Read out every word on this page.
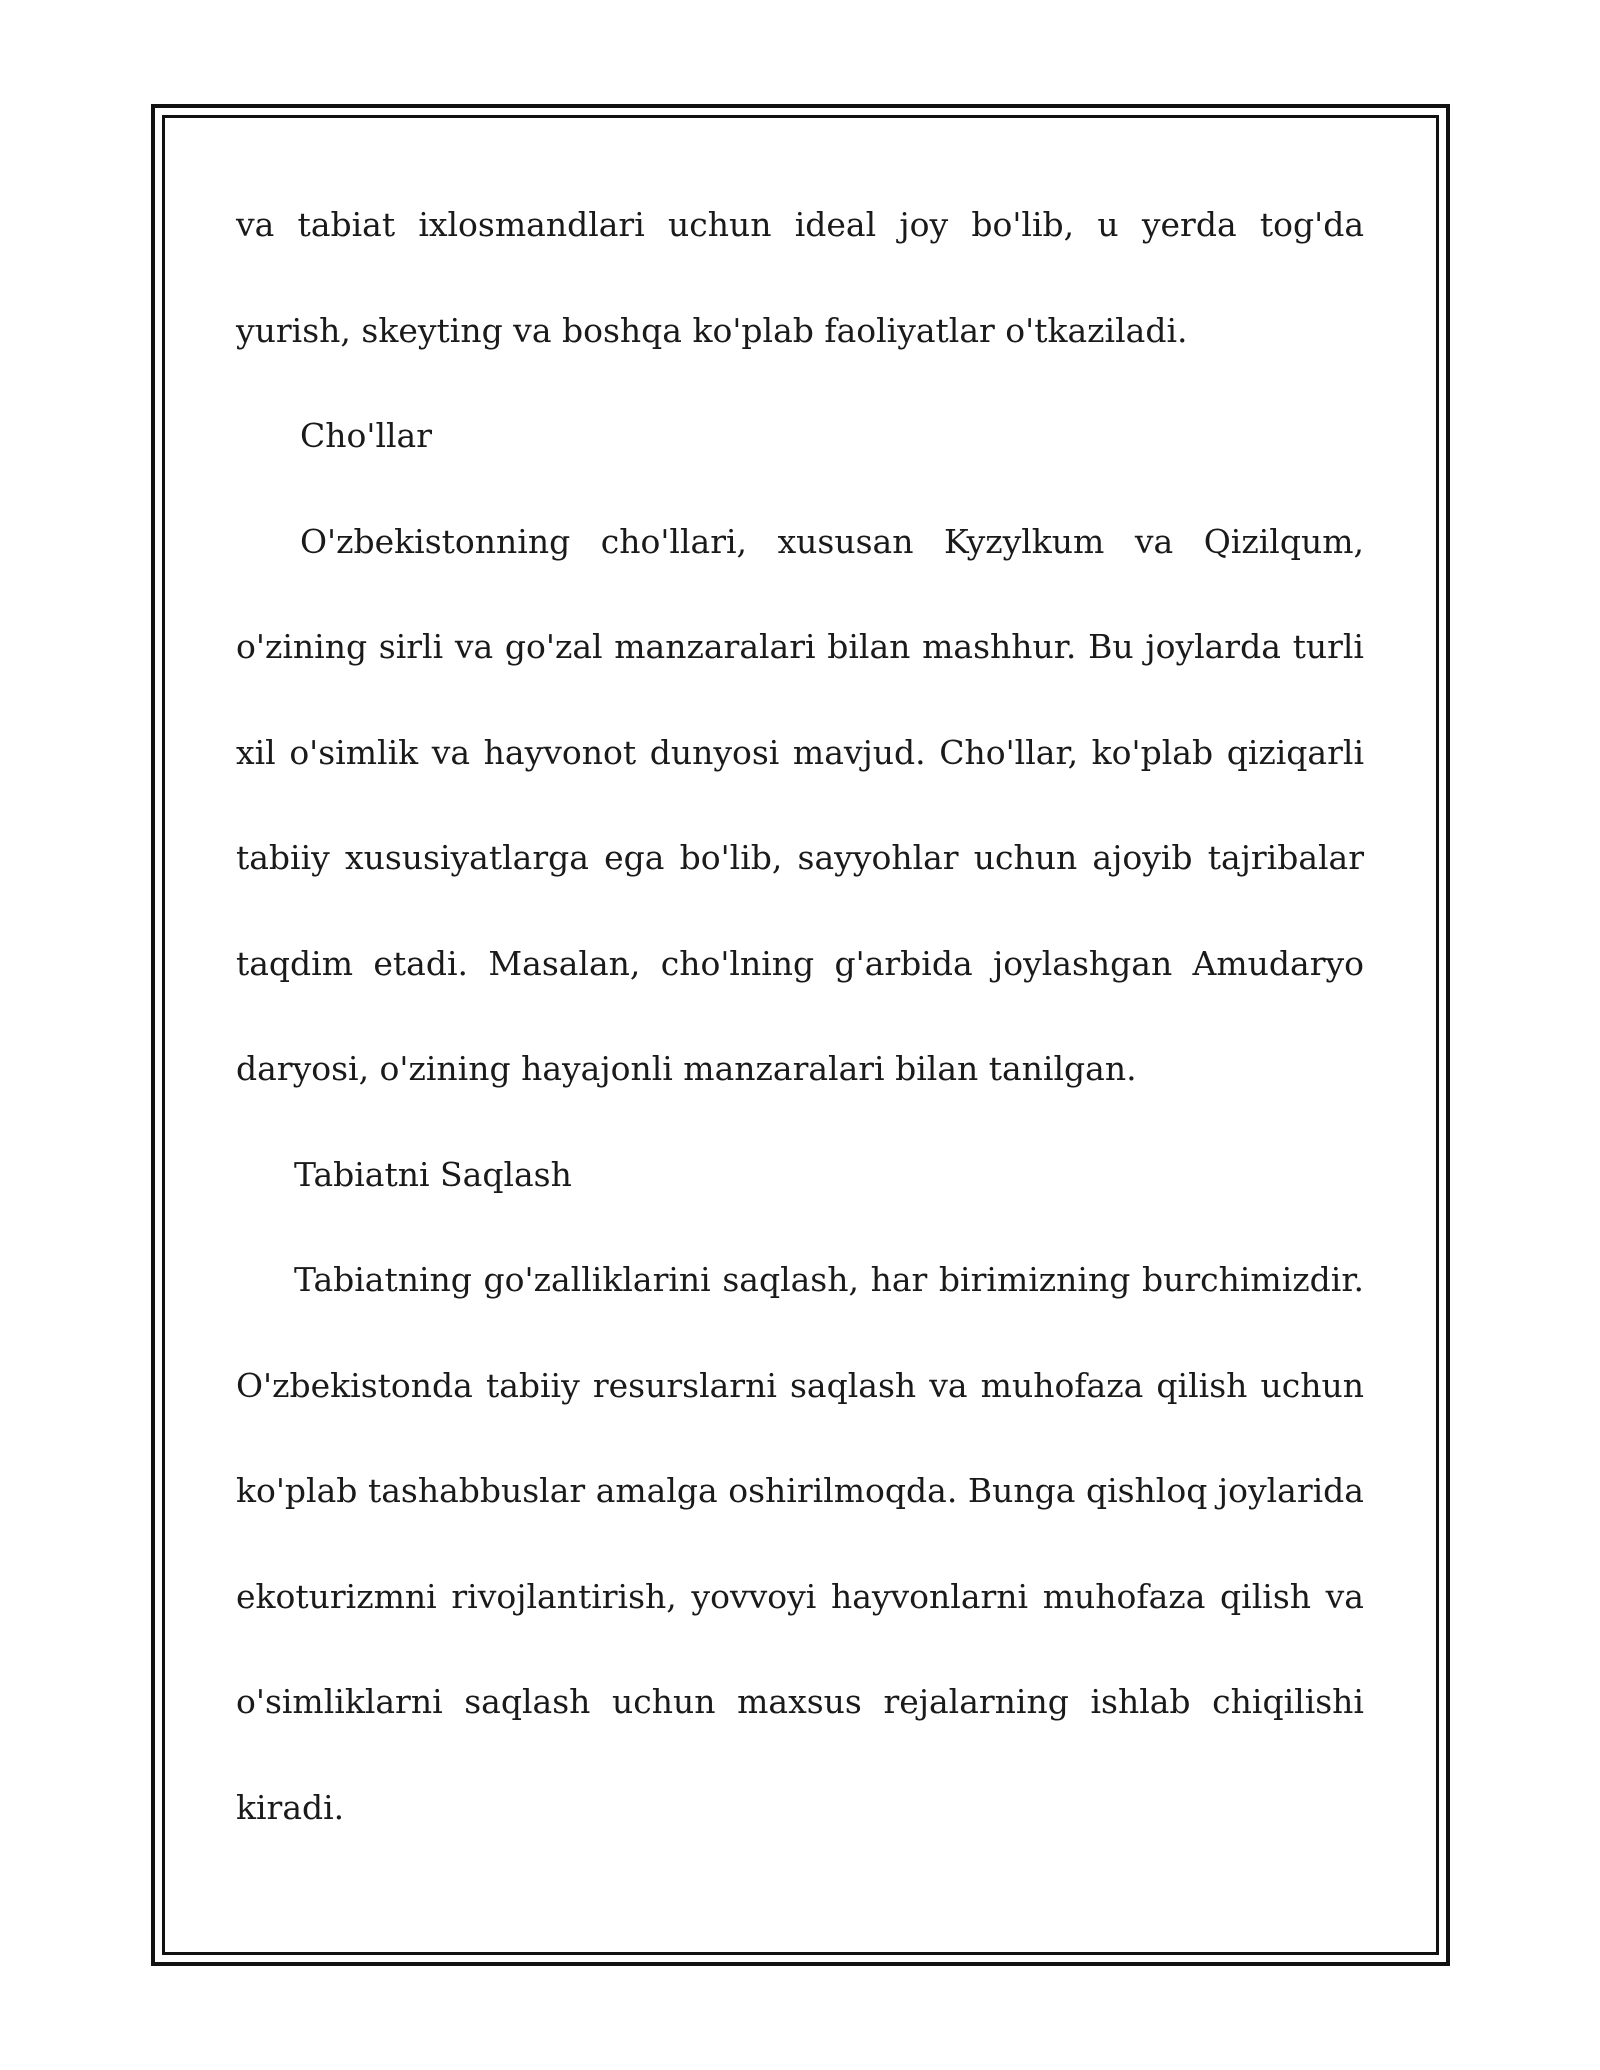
va tabiat ixlosmandlari uchun ideal joy bo'lib, u yerda tog'da yurish, skeyting va boshqa ko'plab faoliyatlar o'tkaziladi.

Cho'llar

O'zbekistonning cho'llari, xususan Kyzylkum va Qizilqum, o'zining sirli va go'zal manzaralari bilan mashhur. Bu joylarda turli xil o'simlik va hayvonot dunyosi mavjud. Cho'llar, ko'plab qiziqarli tabiiy xususiyatlarga ega bo'lib, sayyohlar uchun ajoyib tajribalar taqdim etadi. Masalan, cho'lning g'arbida joylashgan Amudaryo daryosi, o'zining hayajonli manzaralari bilan tanilgan.

Tabiatni Saqlash

Tabiatning go'zalliklarini saqlash, har birimizning burchimizdir. O'zbekistonda tabiiy resurslarni saqlash va muhofaza qilish uchun ko'plab tashabbuslar amalga oshirilmoqda. Bunga qishloq joylarida ekoturizmni rivojlantirish, yovvoyi hayvonlarni muhofaza qilish va o'simliklarni saqlash uchun maxsus rejalarning ishlab chiqilishi kiradi.
